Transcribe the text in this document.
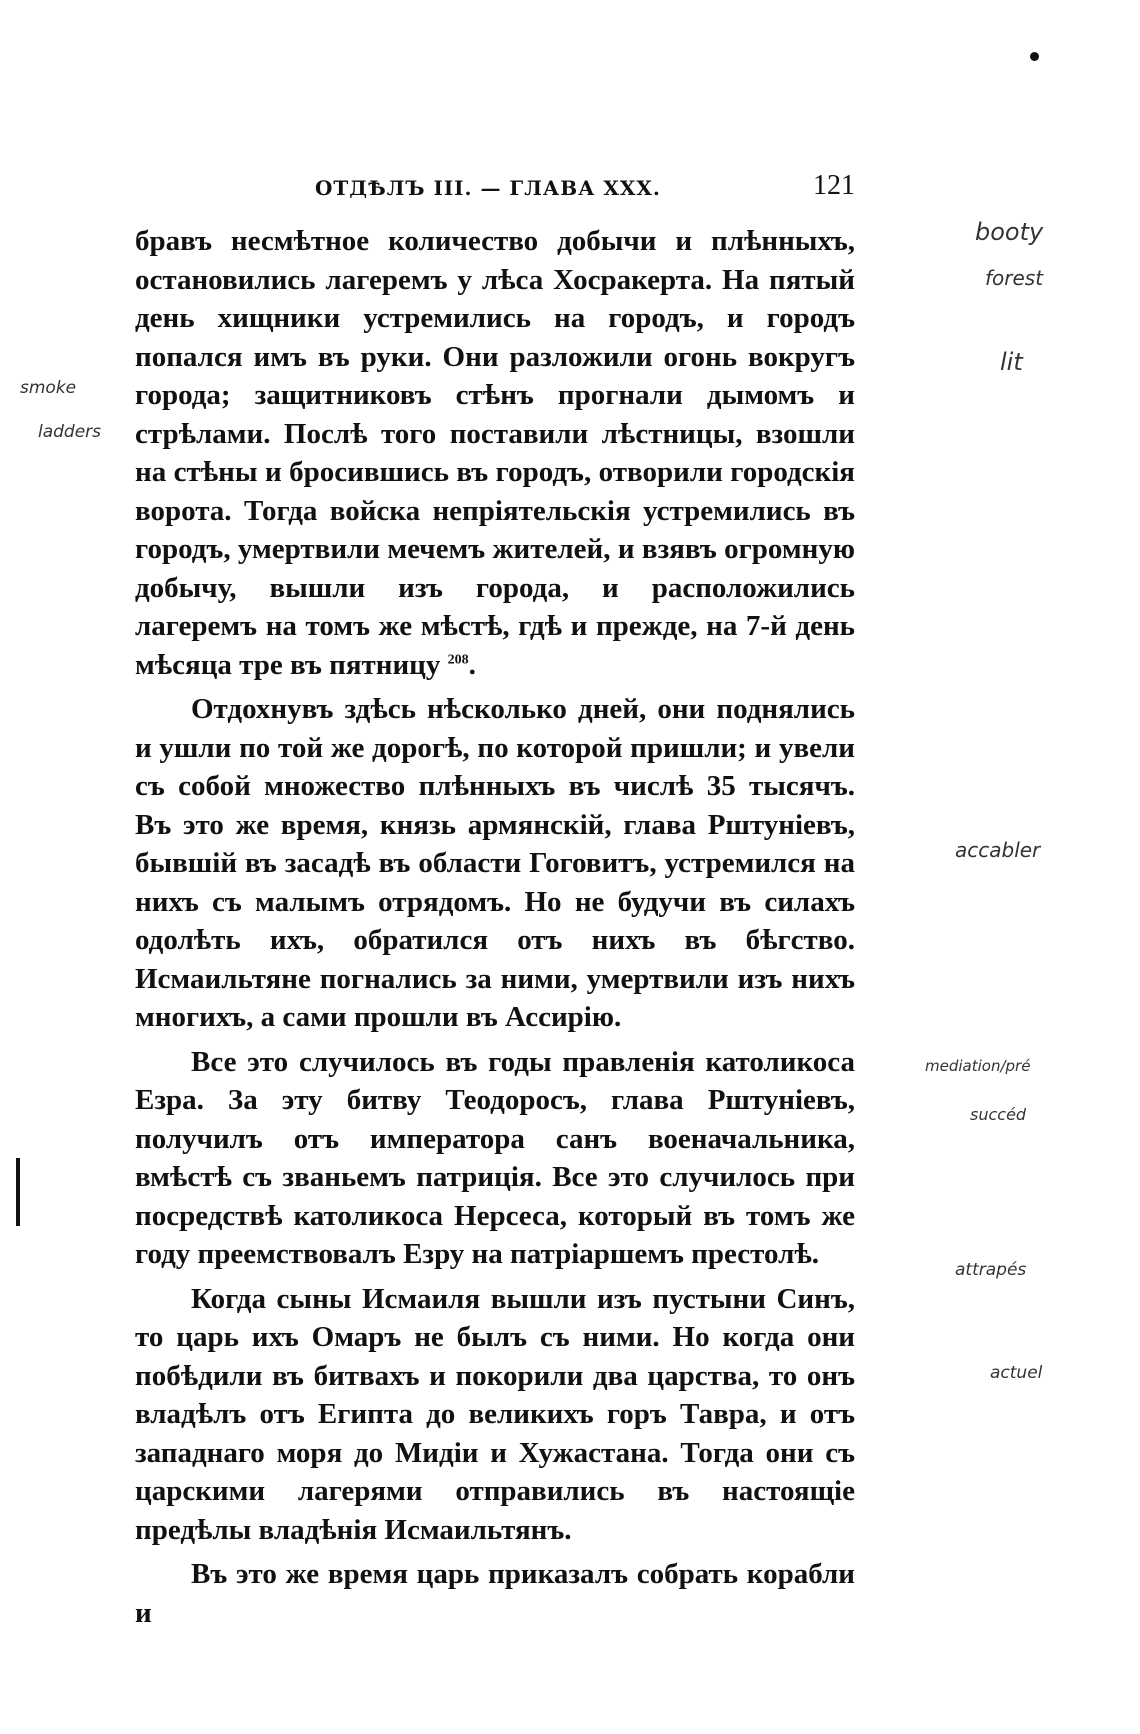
ОТДѢЛЪ III. — ГЛАВА XXX.	121

бравъ несмѣтное количество добычи и плѣнныхъ, остановились лагеремъ у лѣса Хосракерта. На пятый день хищники устремились на городъ, и городъ попался имъ въ руки. Они разложили огонь вокругъ города; защитниковъ стѣнъ прогнали дымомъ и стрѣлами. Послѣ того поставили лѣстницы, взошли на стѣны и бросившись въ городъ, отворили городскія ворота. Тогда войска непріятельскія устремились въ городъ, умертвили мечемъ жителей, и взявъ огромную добычу, вышли изъ города, и расположились лагеремъ на томъ же мѣстѣ, гдѣ и прежде, на 7-й день мѣсяца тре въ пятницу $^{208}$.

Отдохнувъ здѣсь нѣсколько дней, они поднялись и ушли по той же дорогѣ, по которой пришли; и увели съ собой множество плѣнныхъ въ числѣ 35 тысячъ. Въ это же время, князь армянскій, глава Рштуніевъ, бывшій въ засадѣ въ области Гоговитъ, устремился на нихъ съ малымъ отрядомъ. Но не будучи въ силахъ одолѣть ихъ, обратился отъ нихъ въ бѣгство. Исмаильтяне погнались за ними, умертвили изъ нихъ многихъ, а сами прошли въ Ассирію.

Все это случилось въ годы правленія католикоса Езра. За эту битву Теодоросъ, глава Рштуніевъ, получилъ отъ императора санъ военачальника, вмѣстѣ съ званьемъ патриція. Все это случилось при посредствѣ католикоса Нерсеса, который въ томъ же году преемствовалъ Езру на патріаршемъ престолѣ.

Когда сыны Исмаиля вышли изъ пустыни Синъ, то царь ихъ Омаръ не былъ съ ними. Но когда они побѣдили въ битвахъ и покорили два царства, то онъ владѣлъ отъ Египта до великихъ горъ Тавра, и отъ западнаго моря до Мидіи и Хужастана. Тогда они съ царскими лагерями отправились въ настоящіе предѣлы владѣнія Исмаильтянъ.

Въ это же время царь приказалъ собрать корабли и

booty
forest
lit
accabler
mediation/pré
succéd
attrapés
actuel
smoke
ladders
